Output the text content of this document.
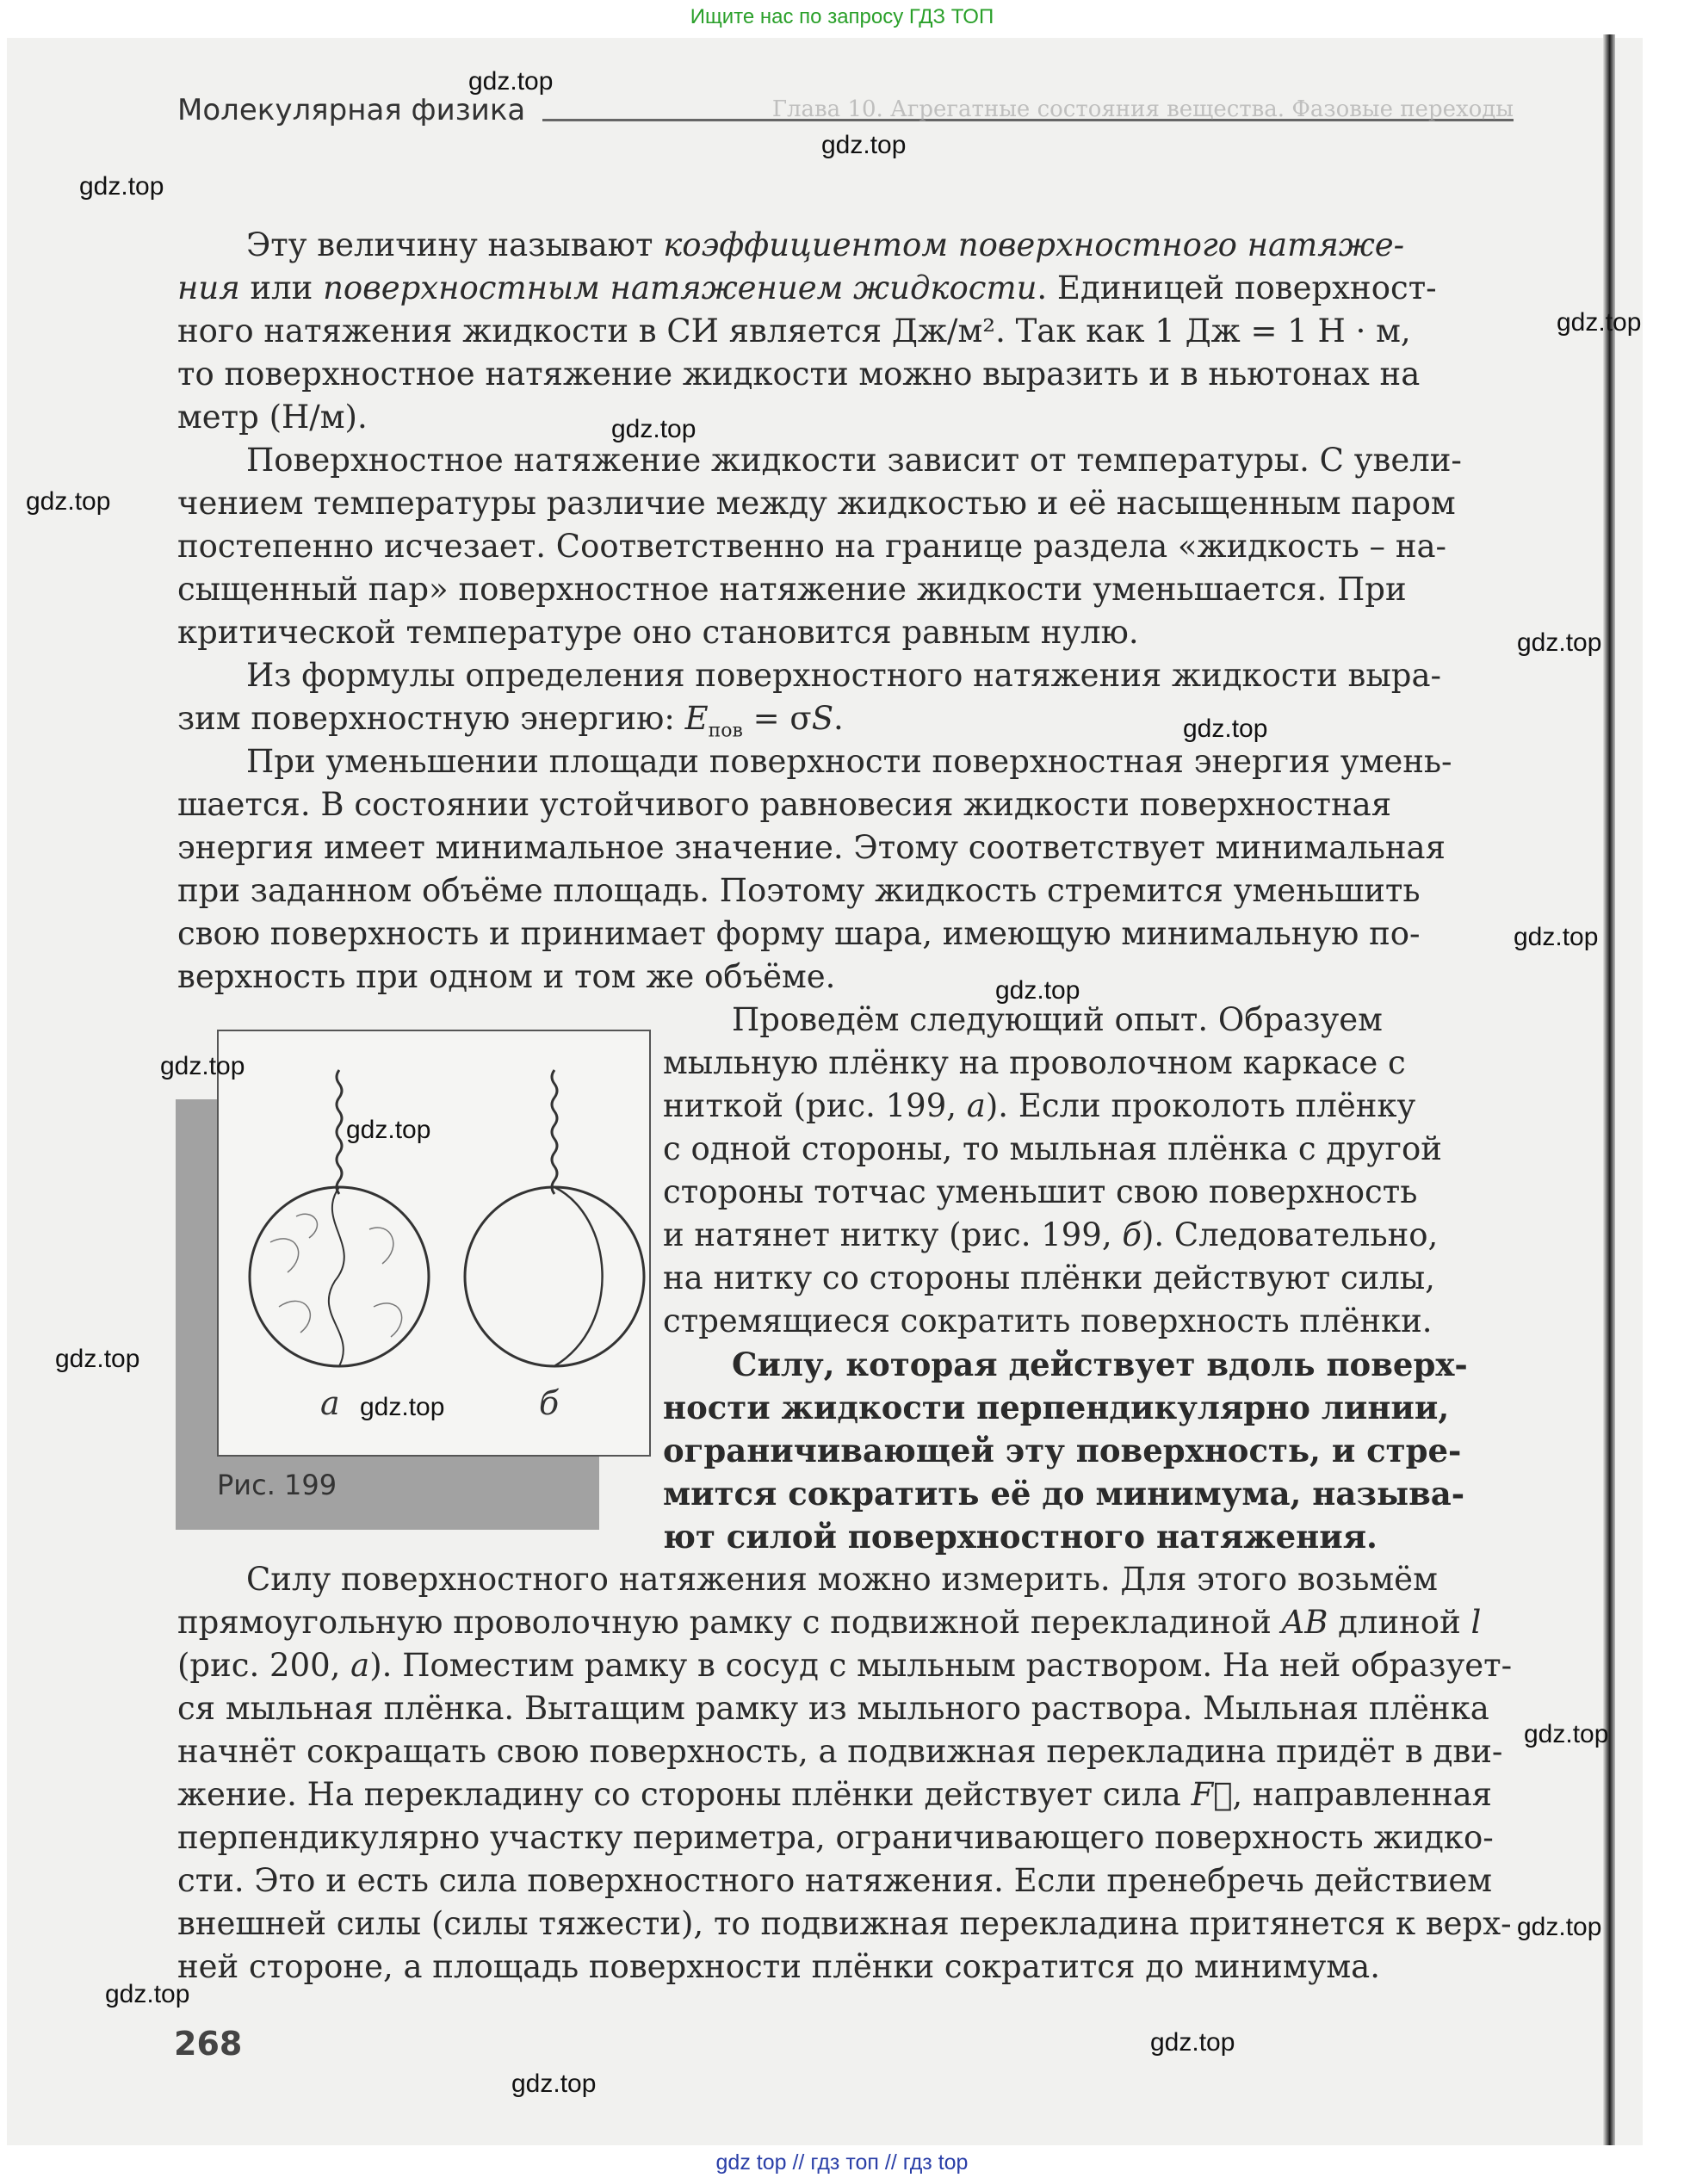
Ищите нас по запросу ГДЗ ТОП
Молекулярная физика	Глава 10. Агрегатные состояния вещества. Фазовые переходы
Эту величину называют коэффициентом поверхностного натяже-
ния или поверхностным натяжением жидкости. Единицей поверхност-
ного натяжения жидкости в СИ является Дж/м². Так как 1 Дж = 1 Н · м,
то поверхностное натяжение жидкости можно выразить и в ньютонах на
метр (Н/м).
Поверхностное натяжение жидкости зависит от температуры. С увели-
чением температуры различие между жидкостью и её насыщенным паром
постепенно исчезает. Соответственно на границе раздела «жидкость – на-
сыщенный пар» поверхностное натяжение жидкости уменьшается. При
критической температуре оно становится равным нулю.
Из формулы определения поверхностного натяжения жидкости выра-
зим поверхностную энергию: $E_{пов} = \sigma S$.
При уменьшении площади поверхности поверхностная энергия умень-
шается. В состоянии устойчивого равновесия жидкости поверхностная
энергия имеет минимальное значение. Этому соответствует минимальная
при заданном объёме площадь. Поэтому жидкость стремится уменьшить
свою поверхность и принимает форму шара, имеющую минимальную по-
верхность при одном и том же объёме.
а	б
Рис. 199
Проведём следующий опыт. Образуем
мыльную плёнку на проволочном каркасе с
ниткой (рис. 199, а). Если проколоть плёнку
с одной стороны, то мыльная плёнка с другой
стороны тотчас уменьшит свою поверхность
и натянет нитку (рис. 199, б). Следовательно,
на нитку со стороны плёнки действуют силы,
стремящиеся сократить поверхность плёнки.
Силу, которая действует вдоль поверх-
ности жидкости перпендикулярно линии,
ограничивающей эту поверхность, и стре-
мится сократить её до минимума, называ-
ют силой поверхностного натяжения.
Силу поверхностного натяжения можно измерить. Для этого возьмём
прямоугольную проволочную рамку с подвижной перекладиной AB длиной l
(рис. 200, а). Поместим рамку в сосуд с мыльным раствором. На ней образует-
ся мыльная плёнка. Вытащим рамку из мыльного раствора. Мыльная плёнка
начнёт сокращать свою поверхность, а подвижная перекладина придёт в дви-
жение. На перекладину со стороны плёнки действует сила F⃗, направленная
перпендикулярно участку периметра, ограничивающего поверхность жидко-
сти. Это и есть сила поверхностного натяжения. Если пренебречь действием
внешней силы (силы тяжести), то подвижная перекладина притянется к верх-
ней стороне, а площадь поверхности плёнки сократится до минимума.
268
gdz.top
gdz.top
gdz.top
gdz.top
gdz.top
gdz.top
gdz.top
gdz.top
gdz.top
gdz.top
gdz.top
gdz.top
gdz.top
gdz.top
gdz.top
gdz.top
gdz.top
gdz.top
gdz.top
gdz top // гдз топ // гдз top
